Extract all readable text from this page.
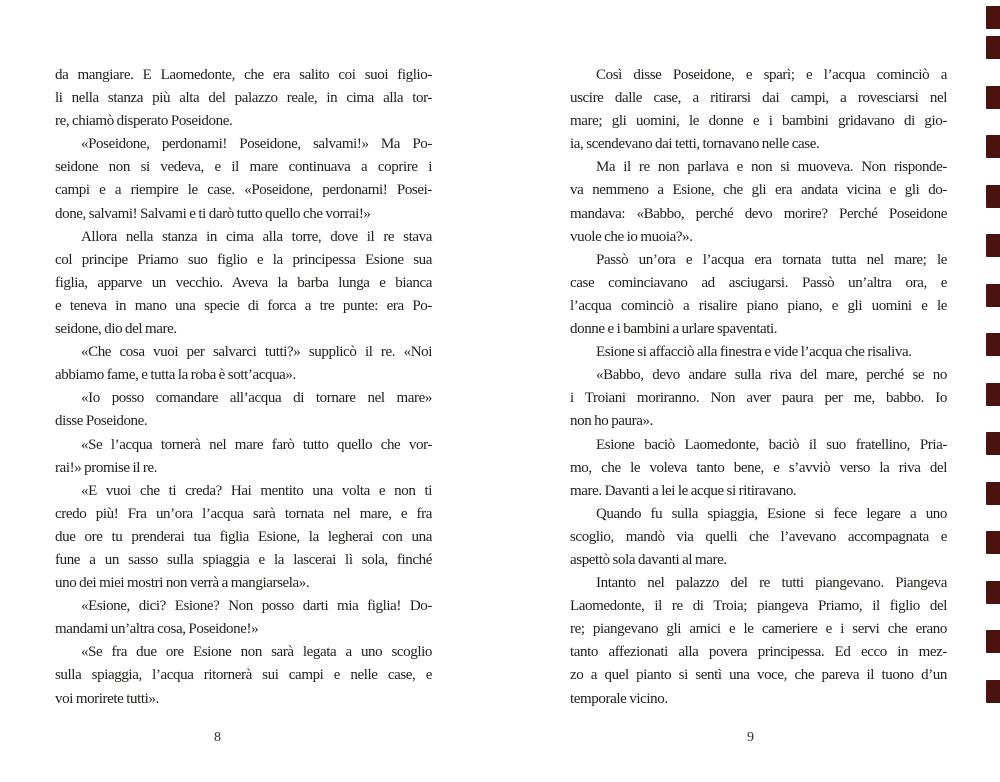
da mangiare. E Laomedonte, che era salito coi suoi figlio-
li nella stanza più alta del palazzo reale, in cima alla tor-
re, chiamò disperato Poseidone.
«Poseidone, perdonami! Poseidone, salvami!» Ma Po-
seidone non si vedeva, e il mare continuava a coprire i
campi e a riempire le case. «Poseidone, perdonami! Posei-
done, salvami! Salvami e ti darò tutto quello che vorrai!»
Allora nella stanza in cima alla torre, dove il re stava
col principe Priamo suo figlio e la principessa Esione sua
figlia, apparve un vecchio. Aveva la barba lunga e bianca
e teneva in mano una specie di forca a tre punte: era Po-
seidone, dio del mare.
«Che cosa vuoi per salvarci tutti?» supplicò il re. «Noi
abbiamo fame, e tutta la roba è sott’acqua».
«Io posso comandare all’acqua di tornare nel mare»
disse Poseidone.
«Se l’acqua tornerà nel mare farò tutto quello che vor-
rai!» promise il re.
«E vuoi che ti creda? Hai mentito una volta e non ti
credo più! Fra un’ora l’acqua sarà tornata nel mare, e fra
due ore tu prenderai tua figlia Esione, la legherai con una
fune a un sasso sulla spiaggia e la lascerai lì sola, finché
uno dei miei mostri non verrà a mangiarsela».
«Esione, dici? Esione? Non posso darti mia figlia! Do-
mandami un’altra cosa, Poseidone!»
«Se fra due ore Esione non sarà legata a uno scoglio
sulla spiaggia, l’acqua ritornerà sui campi e nelle case, e
voi morirete tutti».
8
Così disse Poseidone, e sparì; e l’acqua cominciò a
uscire dalle case, a ritirarsi dai campi, a rovesciarsi nel
mare; gli uomini, le donne e i bambini gridavano di gio-
ia, scendevano dai tetti, tornavano nelle case.
Ma il re non parlava e non si muoveva. Non risponde-
va nemmeno a Esione, che gli era andata vicina e gli do-
mandava: «Babbo, perché devo morire? Perché Poseidone
vuole che io muoia?».
Passò un’ora e l’acqua era tornata tutta nel mare; le
case cominciavano ad asciugarsi. Passò un’altra ora, e
l’acqua cominciò a risalire piano piano, e gli uomini e le
donne e i bambini a urlare spaventati.
Esione si affacciò alla finestra e vide l’acqua che risaliva.
«Babbo, devo andare sulla riva del mare, perché se no
i Troiani moriranno. Non aver paura per me, babbo. Io
non ho paura».
Esione baciò Laomedonte, baciò il suo fratellino, Pria-
mo, che le voleva tanto bene, e s’avviò verso la riva del
mare. Davanti a lei le acque si ritiravano.
Quando fu sulla spiaggia, Esione si fece legare a uno
scoglio, mandò via quelli che l’avevano accompagnata e
aspettò sola davanti al mare.
Intanto nel palazzo del re tutti piangevano. Piangeva
Laomedonte, il re di Troia; piangeva Priamo, il figlio del
re; piangevano gli amici e le cameriere e i servi che erano
tanto affezionati alla povera principessa. Ed ecco in mez-
zo a quel pianto si sentì una voce, che pareva il tuono d’un
temporale vicino.
9
